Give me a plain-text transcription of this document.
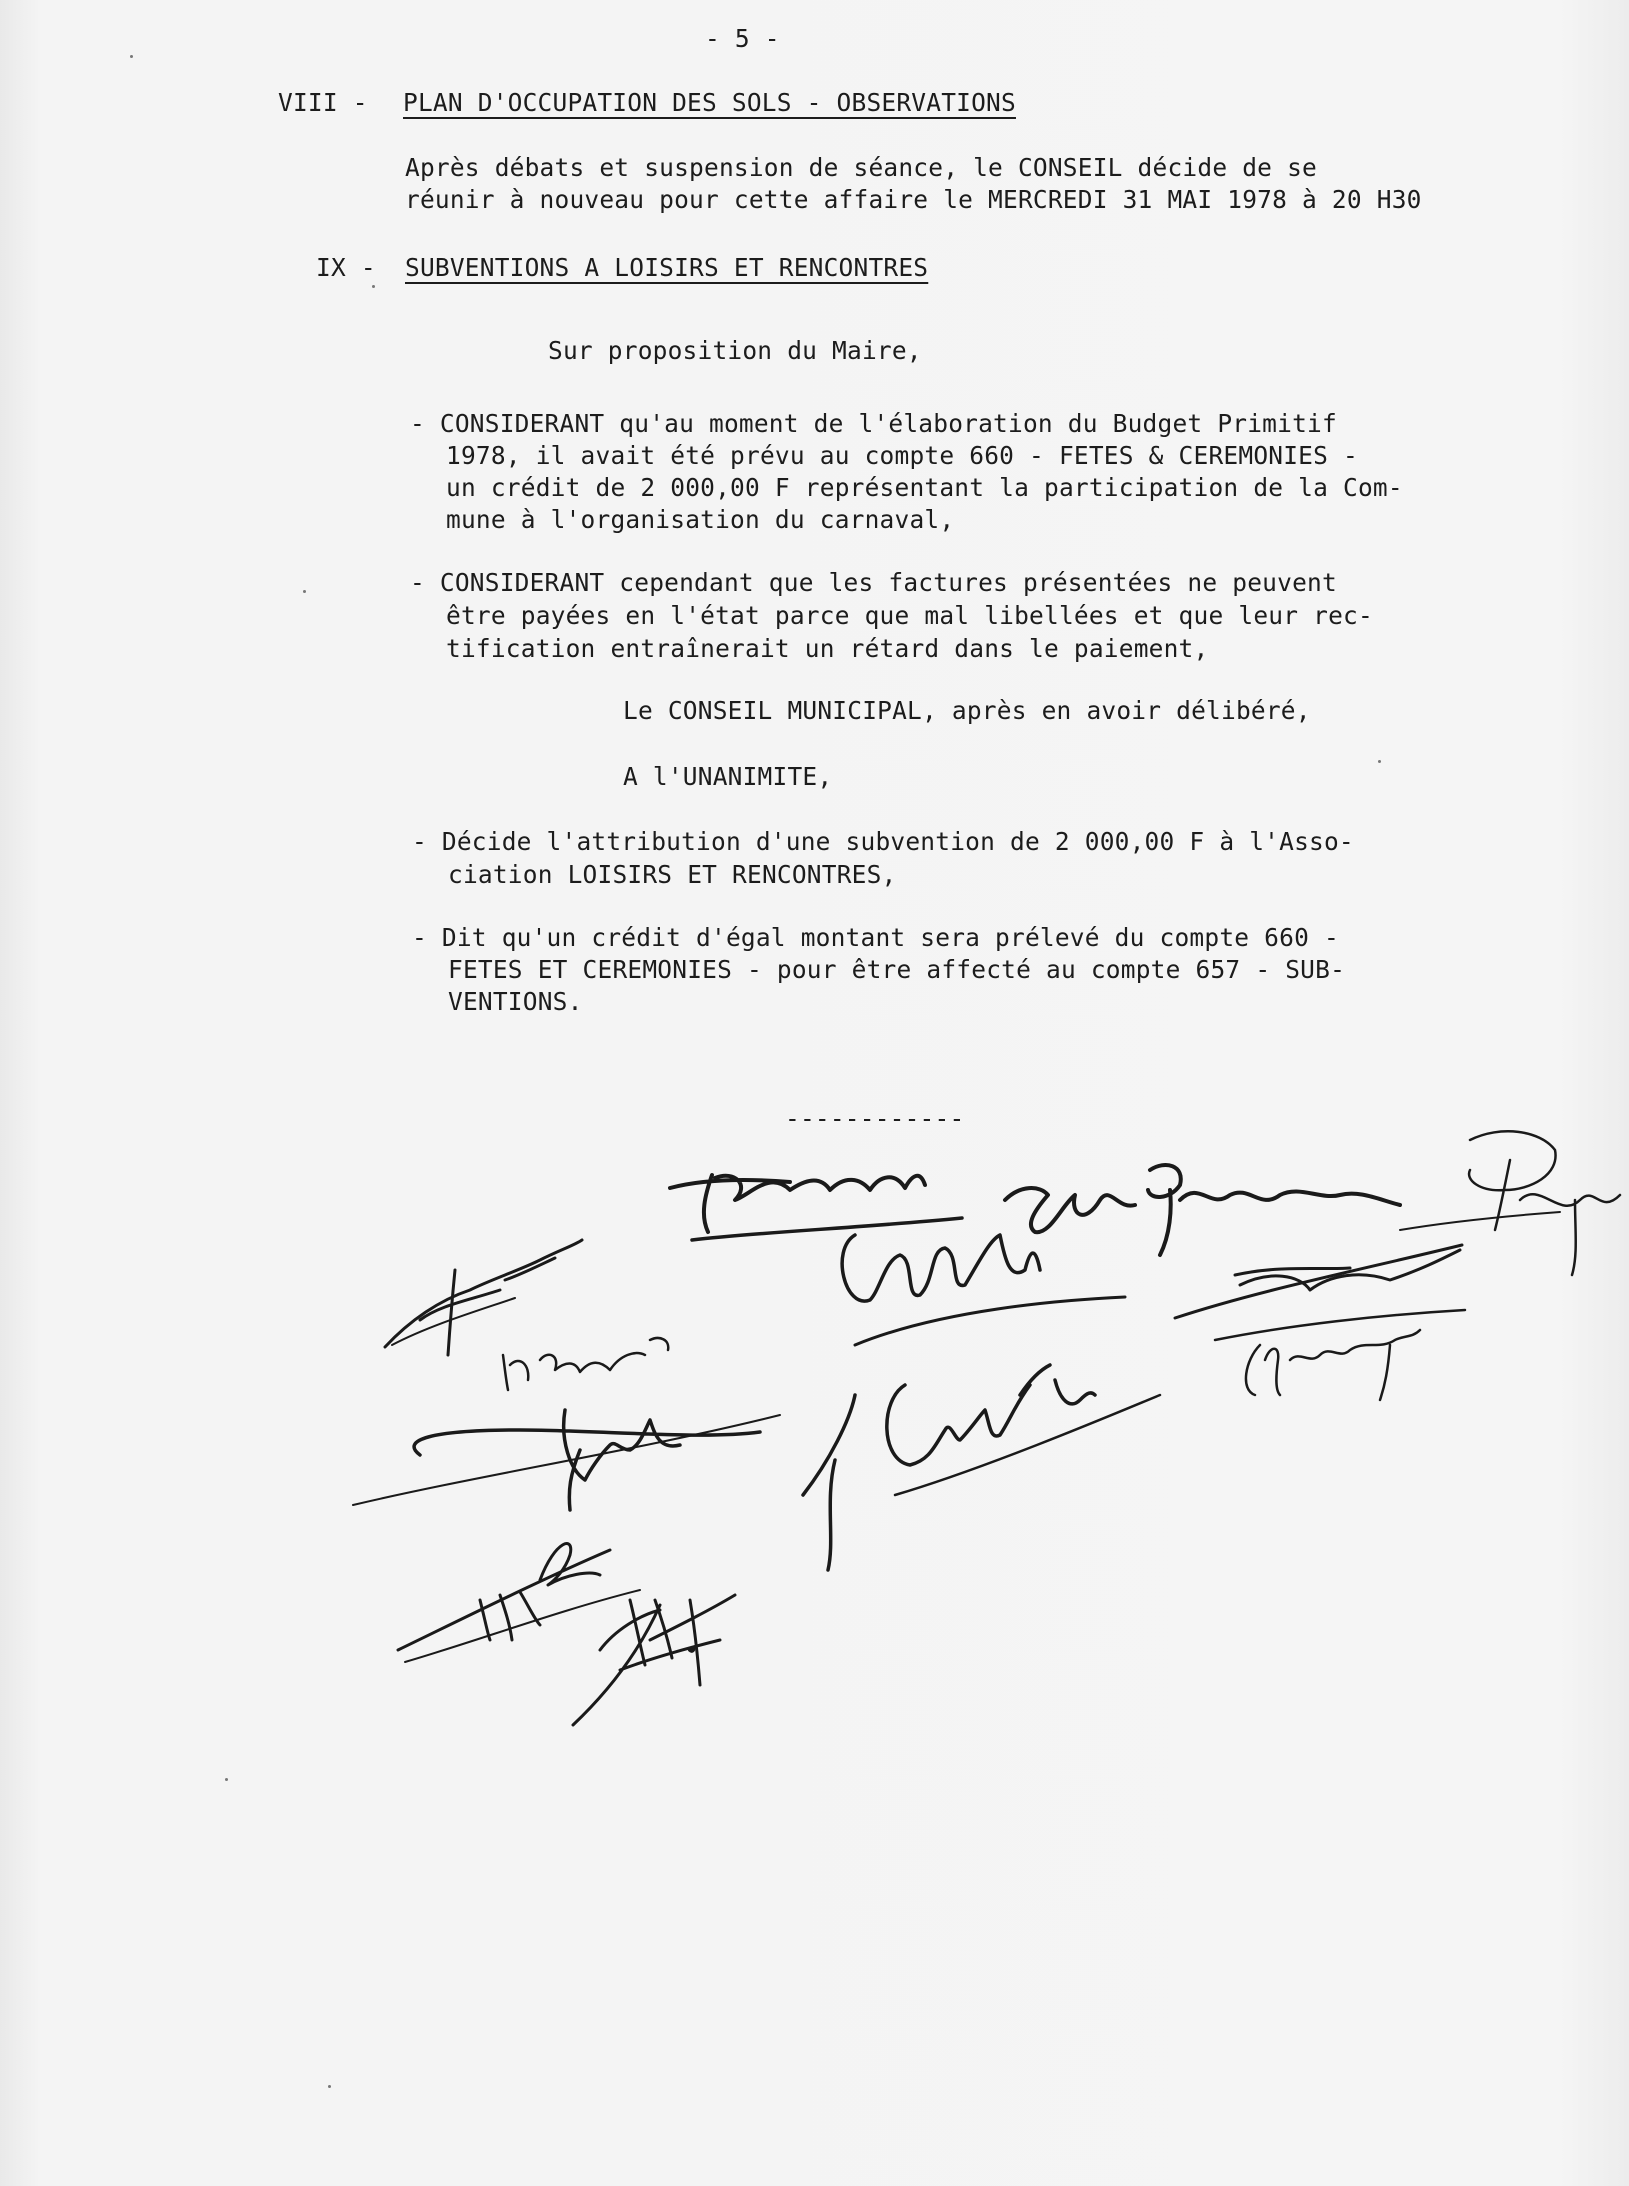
- 5 -
VIII - PLAN D'OCCUPATION DES SOLS - OBSERVATIONS
Après débats et suspension de séance, le CONSEIL décide de se
réunir à nouveau pour cette affaire le MERCREDI 31 MAI 1978 à 20 H30
IX - SUBVENTIONS A LOISIRS ET RENCONTRES
Sur proposition du Maire,
- CONSIDERANT qu'au moment de l'élaboration du Budget Primitif
1978, il avait été prévu au compte 660 - FETES & CEREMONIES -
un crédit de 2 000,00 F représentant la participation de la Com-
mune à l'organisation du carnaval,
- CONSIDERANT cependant que les factures présentées ne peuvent
être payées en l'état parce que mal libellées et que leur rec-
tification entraînerait un rétard dans le paiement,
Le CONSEIL MUNICIPAL, après en avoir délibéré,
A l'UNANIMITE,
- Décide l'attribution d'une subvention de 2 000,00 F à l'Asso-
ciation LOISIRS ET RENCONTRES,
- Dit qu'un crédit d'égal montant sera prélevé du compte 660 -
FETES ET CEREMONIES - pour être affecté au compte 657 - SUB-
VENTIONS.
------------
